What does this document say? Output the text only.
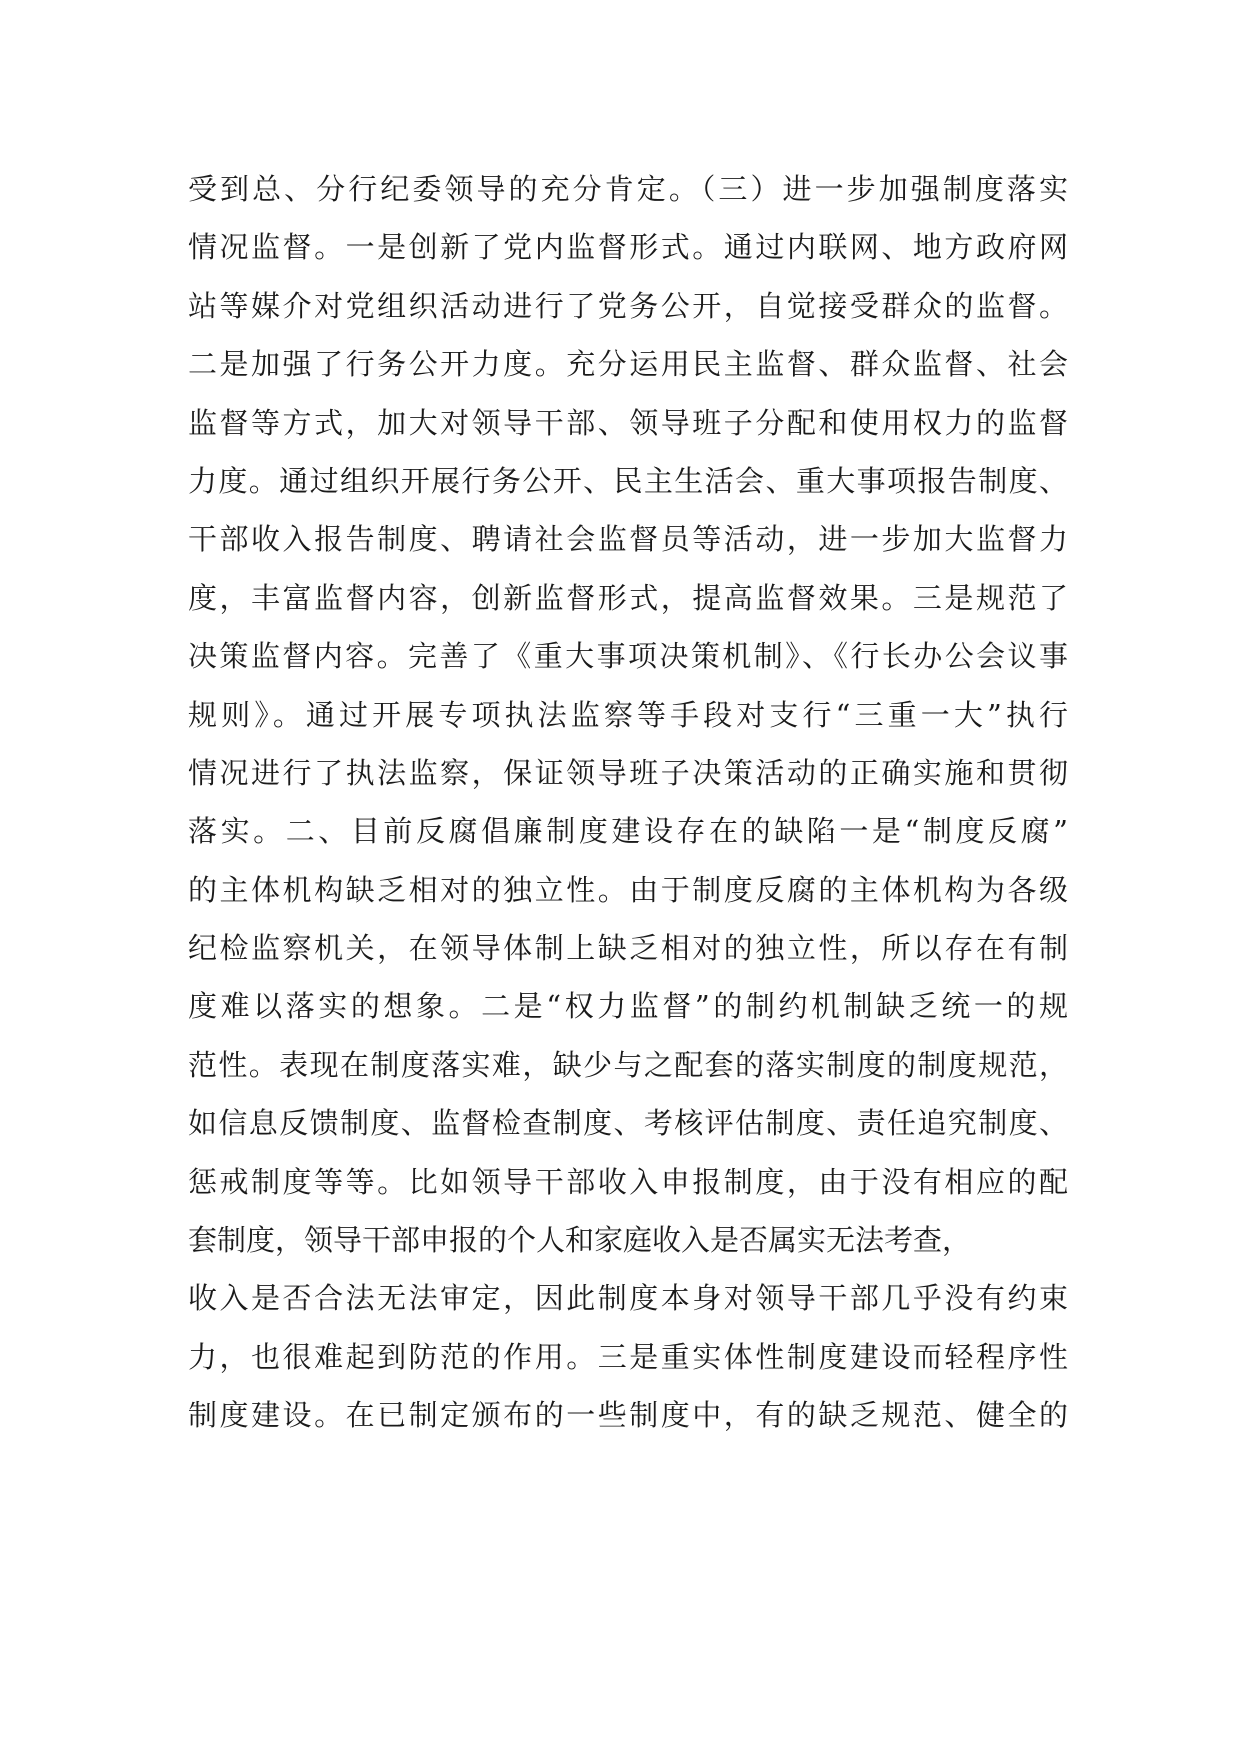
受到总、分行纪委领导的充分肯定。（三）进一步加强制度落实
情况监督。一是创新了党内监督形式。通过内联网、地方政府网
站等媒介对党组织活动进行了党务公开，自觉接受群众的监督。
二是加强了行务公开力度。充分运用民主监督、群众监督、社会
监督等方式，加大对领导干部、领导班子分配和使用权力的监督
力度。通过组织开展行务公开、民主生活会、重大事项报告制度、
干部收入报告制度、聘请社会监督员等活动，进一步加大监督力
度，丰富监督内容，创新监督形式，提高监督效果。三是规范了
决策监督内容。完善了《重大事项决策机制》、《行长办公会议事
规则》。通过开展专项执法监察等手段对支行“三重一大”执行
情况进行了执法监察，保证领导班子决策活动的正确实施和贯彻
落实。二、目前反腐倡廉制度建设存在的缺陷一是“制度反腐”
的主体机构缺乏相对的独立性。由于制度反腐的主体机构为各级
纪检监察机关，在领导体制上缺乏相对的独立性，所以存在有制
度难以落实的想象。二是“权力监督”的制约机制缺乏统一的规
范性。表现在制度落实难，缺少与之配套的落实制度的制度规范，
如信息反馈制度、监督检查制度、考核评估制度、责任追究制度、
惩戒制度等等。比如领导干部收入申报制度，由于没有相应的配
套制度，领导干部申报的个人和家庭收入是否属实无法考查，
收入是否合法无法审定，因此制度本身对领导干部几乎没有约束
力，也很难起到防范的作用。三是重实体性制度建设而轻程序性
制度建设。在已制定颁布的一些制度中，有的缺乏规范、健全的
